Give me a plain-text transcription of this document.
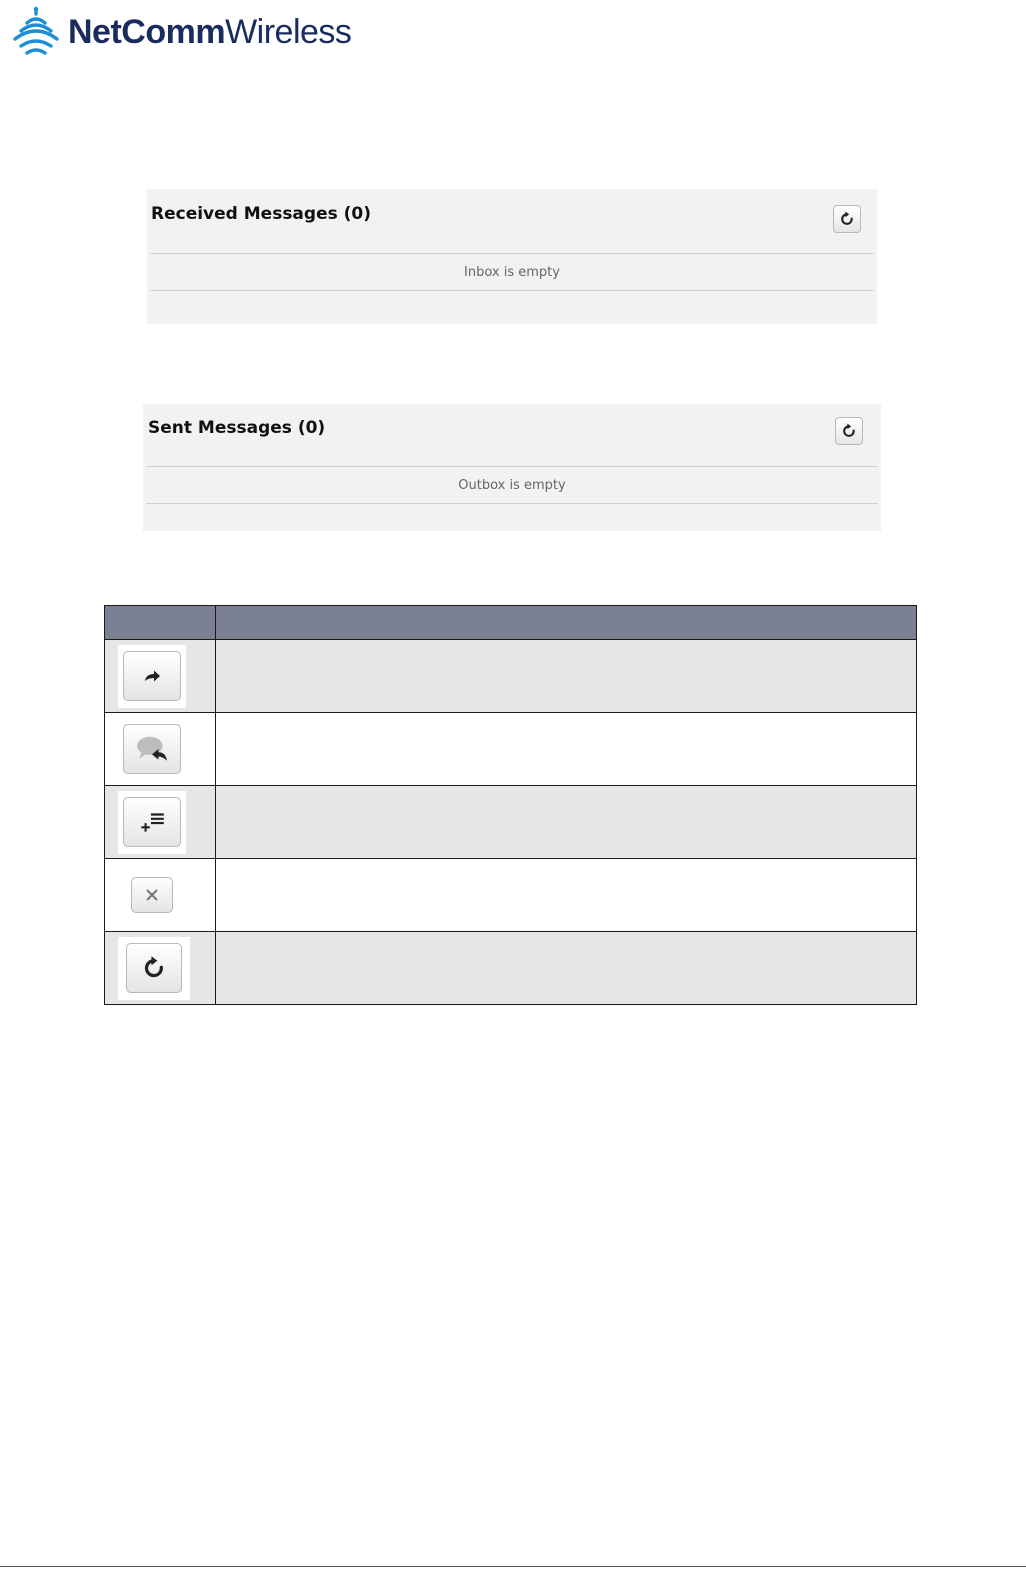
NetCommWireless
Received Messages (0)
Inbox is empty
Sent Messages (0)
Outbox is empty
